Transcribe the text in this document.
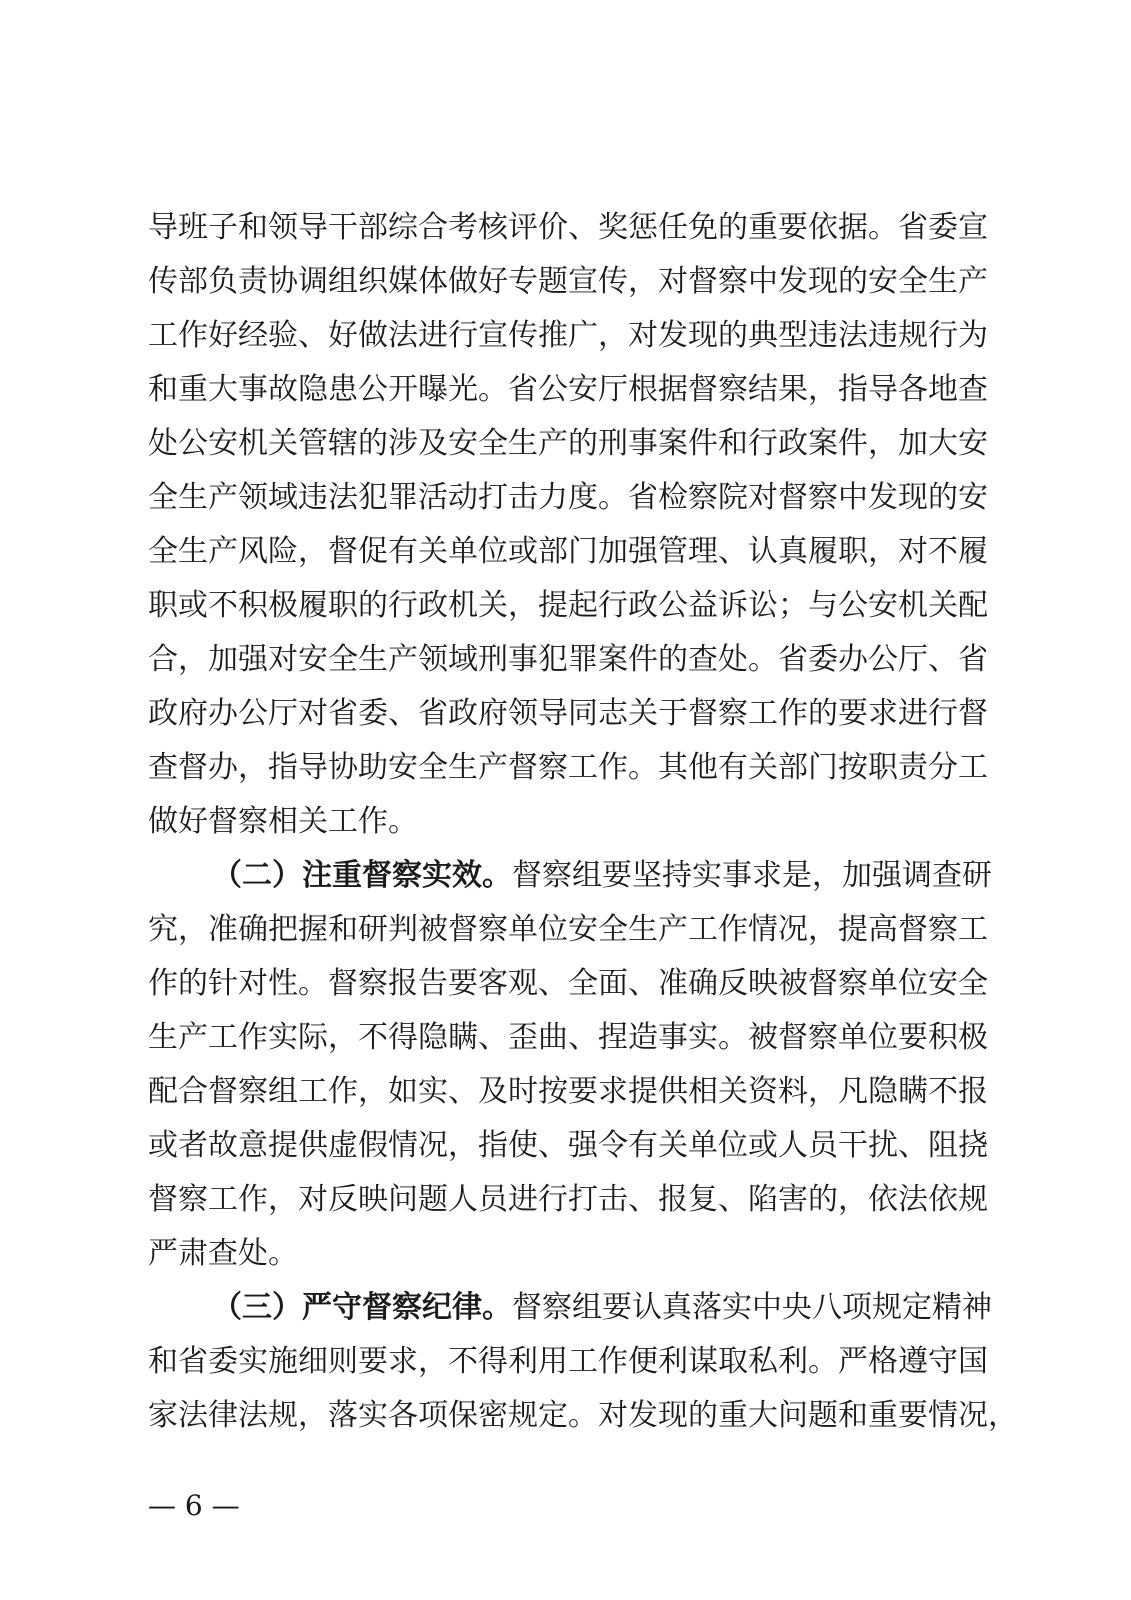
导班子和领导干部综合考核评价、奖惩任免的重要依据。省委宣
传部负责协调组织媒体做好专题宣传，对督察中发现的安全生产
工作好经验、好做法进行宣传推广，对发现的典型违法违规行为
和重大事故隐患公开曝光。省公安厅根据督察结果，指导各地查
处公安机关管辖的涉及安全生产的刑事案件和行政案件，加大安
全生产领域违法犯罪活动打击力度。省检察院对督察中发现的安
全生产风险，督促有关单位或部门加强管理、认真履职，对不履
职或不积极履职的行政机关，提起行政公益诉讼；与公安机关配
合，加强对安全生产领域刑事犯罪案件的查处。省委办公厅、省
政府办公厅对省委、省政府领导同志关于督察工作的要求进行督
查督办，指导协助安全生产督察工作。其他有关部门按职责分工
做好督察相关工作。
（二）注重督察实效。督察组要坚持实事求是，加强调查研
究，准确把握和研判被督察单位安全生产工作情况，提高督察工
作的针对性。督察报告要客观、全面、准确反映被督察单位安全
生产工作实际，不得隐瞒、歪曲、捏造事实。被督察单位要积极
配合督察组工作，如实、及时按要求提供相关资料，凡隐瞒不报
或者故意提供虚假情况，指使、强令有关单位或人员干扰、阻挠
督察工作，对反映问题人员进行打击、报复、陷害的，依法依规
严肃查处。
（三）严守督察纪律。督察组要认真落实中央八项规定精神
和省委实施细则要求，不得利用工作便利谋取私利。严格遵守国
家法律法规，落实各项保密规定。对发现的重大问题和重要情况，
— 6 —
